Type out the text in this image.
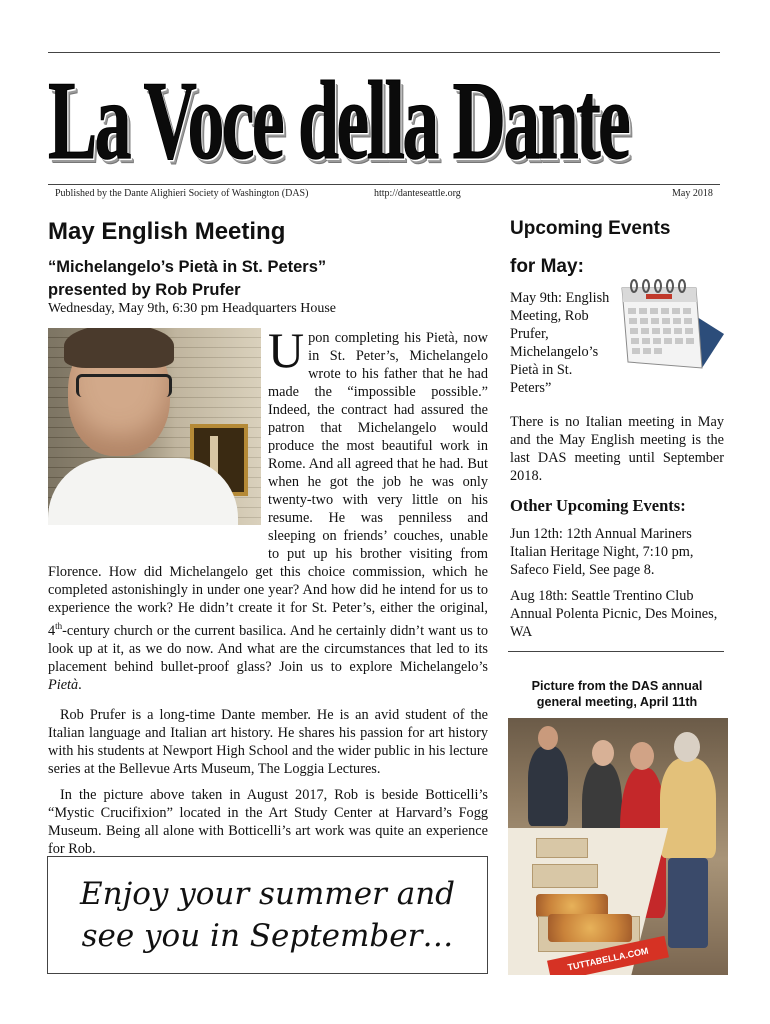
La Voce della Dante
Published by the Dante Alighieri Society of Washington (DAS)	http://danteseattle.org	May 2018
May English Meeting
“Michelangelo’s Pietà in St. Peters”
presented by Rob Prufer
Wednesday, May 9th, 6:30 pm Headquarters House

Upon completing his Pietà, now in St. Peter’s, Michelangelo wrote to his father that he had made the “impossible possible.” Indeed, the contract had assured the patron that Michelangelo would produce the most beautiful work in Rome. And all agreed that he had. But when he got the job he was only twenty-two with very little on his resume. He was penniless and sleeping on friends’ couches, unable to put up his brother visiting from Florence. How did Michelangelo get this choice commission, which he completed astonishingly in under one year? And how did he intend for us to experience the work? He didn’t create it for St. Peter’s, either the original, 4th-century church or the current basilica. And he certainly didn’t want us to look up at it, as we do now. And what are the circumstances that led to its placement behind bullet-proof glass? Join us to explore Michelangelo’s Pietà.

Rob Prufer is a long-time Dante member. He is an avid student of the Italian language and Italian art history. He shares his passion for art history with his students at Newport High School and the wider public in his lecture series at the Bellevue Arts Museum, The Loggia Lectures.

In the picture above taken in August 2017, Rob is beside Botticelli’s “Mystic Crucifixion” located in the Art Study Center at Harvard’s Fogg Museum. Being all alone with Botticelli’s art work was quite an experience for Rob.

Enjoy your summer and
see you in September…
Upcoming Events
for May:

May 9th: English Meeting, Rob Prufer, Michelangelo’s Pietà in St. Peters”

There is no Italian meeting in May and the May English meeting is the last DAS meeting until September 2018.

Other Upcoming Events:

Jun 12th: 12th Annual Mariners Italian Heritage Night, 7:10 pm, Safeco Field, See page 8.

Aug 18th: Seattle Trentino Club Annual Polenta Picnic, Des Moines, WA

Picture from the DAS annual
general meeting, April 11th
TUTTABELLA.COM
